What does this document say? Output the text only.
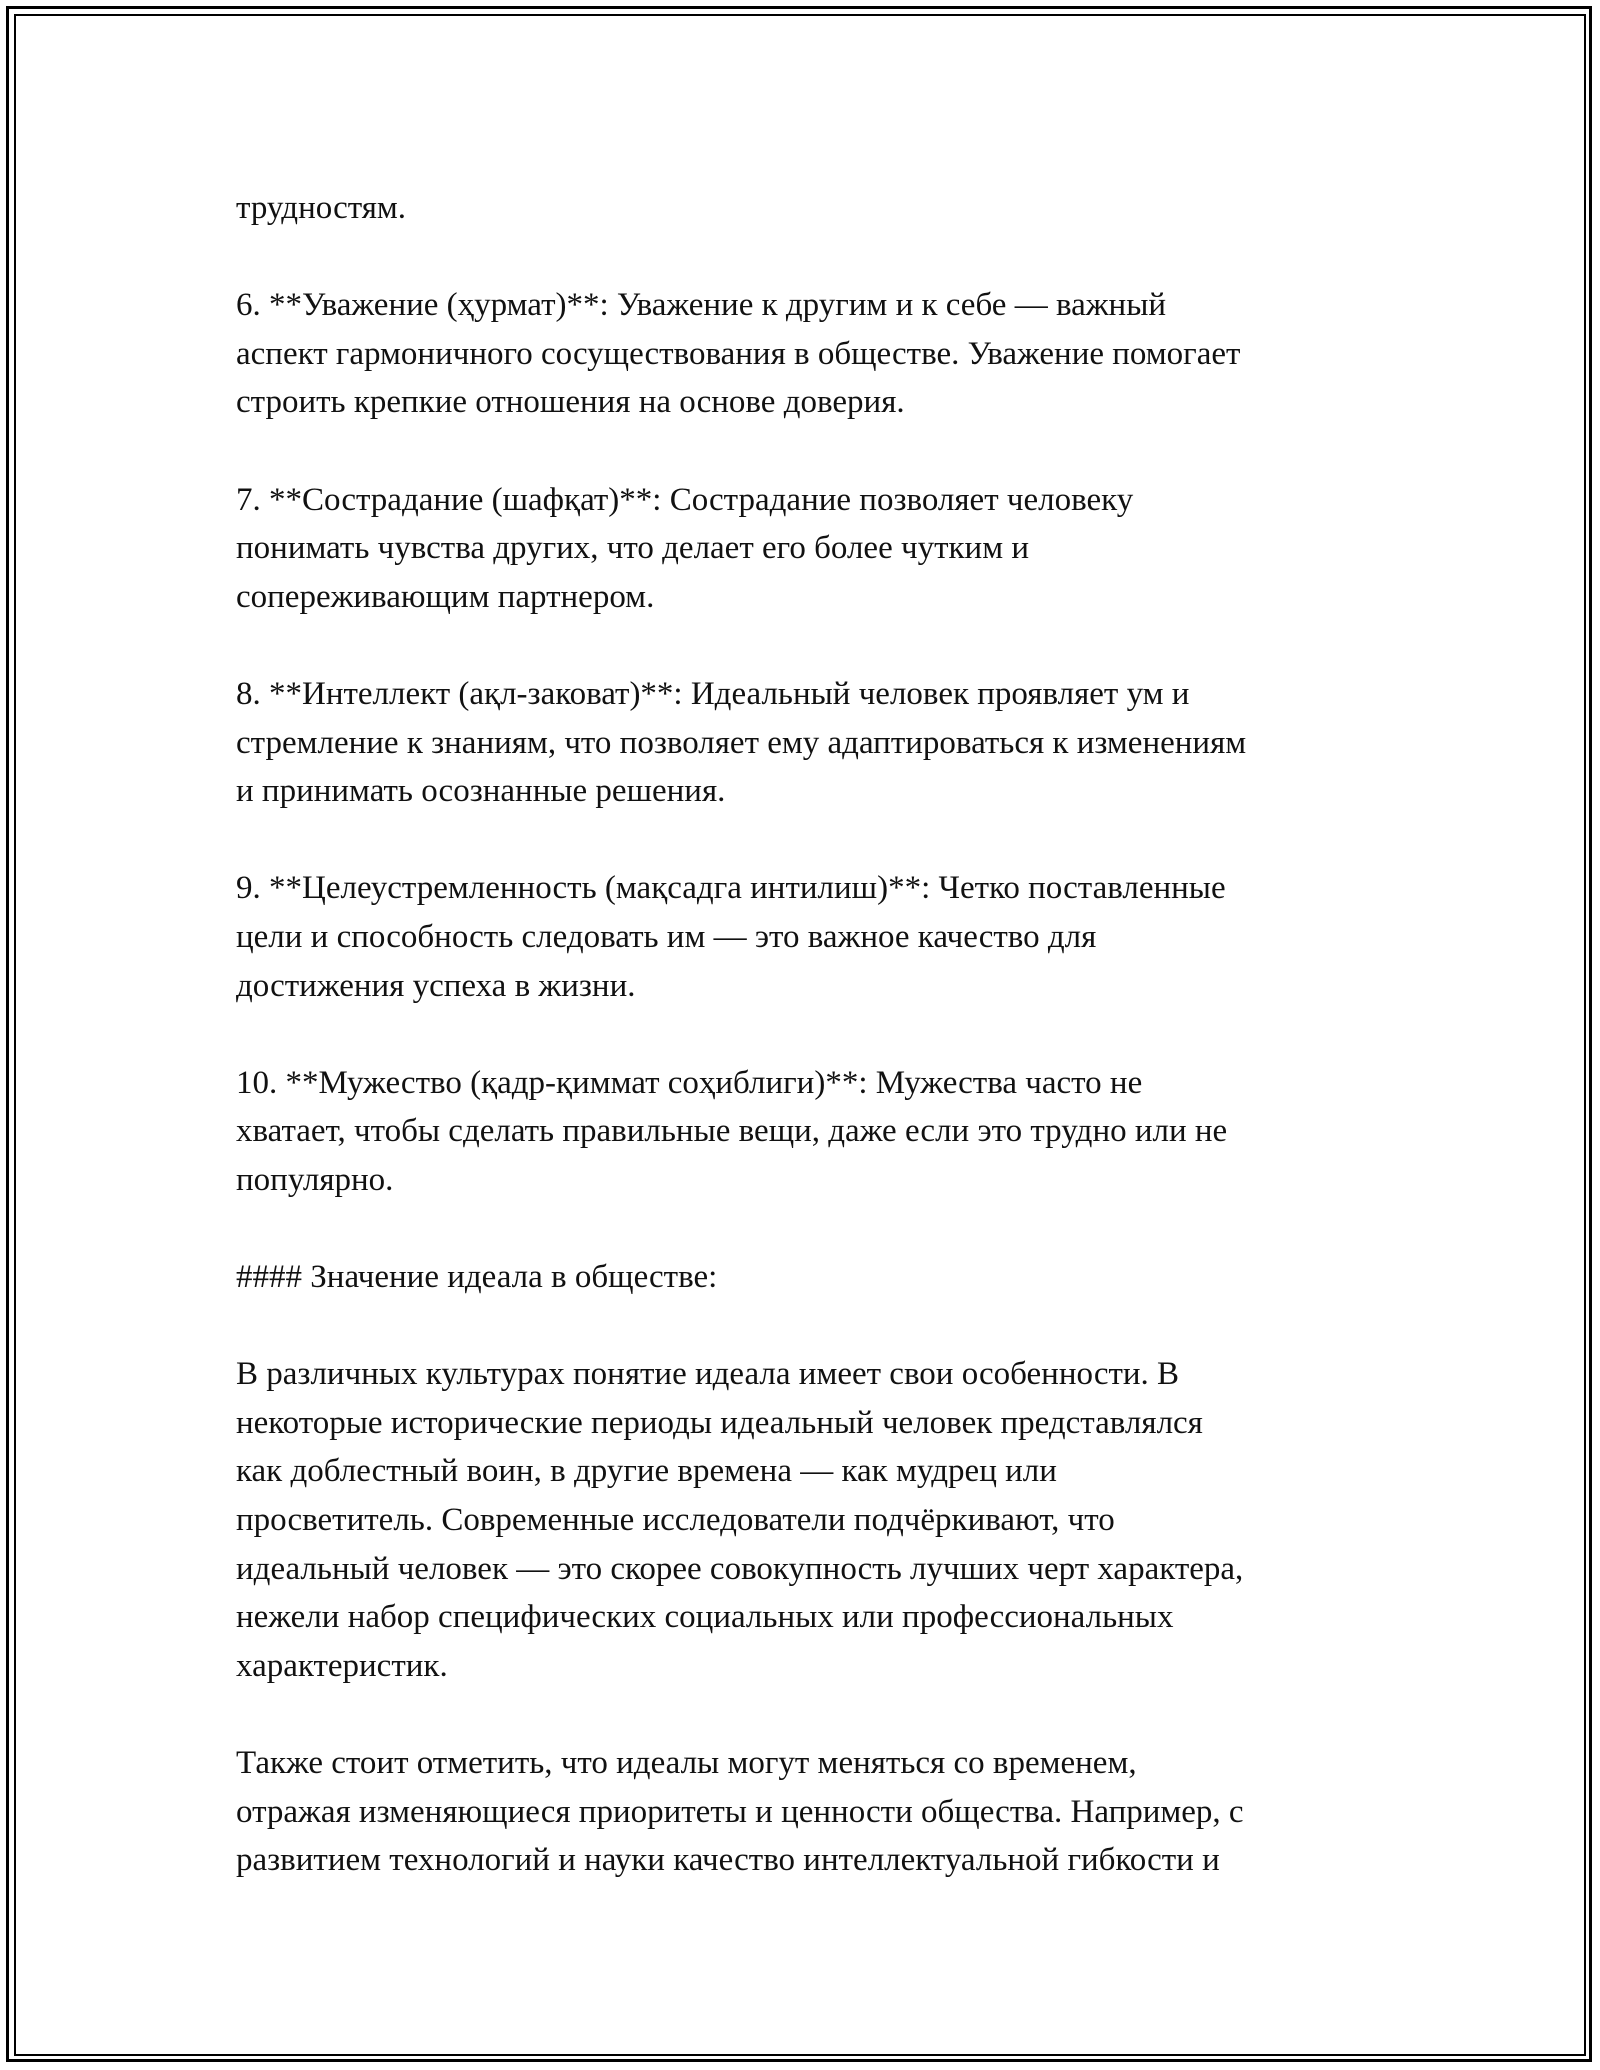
трудностям.

6. **Уважение (ҳурмат)**: Уважение к другим и к себе — важный
аспект гармоничного сосуществования в обществе. Уважение помогает
строить крепкие отношения на основе доверия.

7. **Сострадание (шафқат)**: Сострадание позволяет человеку
понимать чувства других, что делает его более чутким и
сопереживающим партнером.

8. **Интеллект (ақл-заковат)**: Идеальный человек проявляет ум и
стремление к знаниям, что позволяет ему адаптироваться к изменениям
и принимать осознанные решения.

9. **Целеустремленность (мақсадга интилиш)**: Четко поставленные
цели и способность следовать им — это важное качество для
достижения успеха в жизни.

10. **Мужество (қадр-қиммат соҳиблиги)**: Мужества часто не
хватает, чтобы сделать правильные вещи, даже если это трудно или не
популярно.

#### Значение идеала в обществе:

В различных культурах понятие идеала имеет свои особенности. В
некоторые исторические периоды идеальный человек представлялся
как доблестный воин, в другие времена — как мудрец или
просветитель. Современные исследователи подчёркивают, что
идеальный человек — это скорее совокупность лучших черт характера,
нежели набор специфических социальных или профессиональных
характеристик.

Также стоит отметить, что идеалы могут меняться со временем,
отражая изменяющиеся приоритеты и ценности общества. Например, с
развитием технологий и науки качество интеллектуальной гибкости и
